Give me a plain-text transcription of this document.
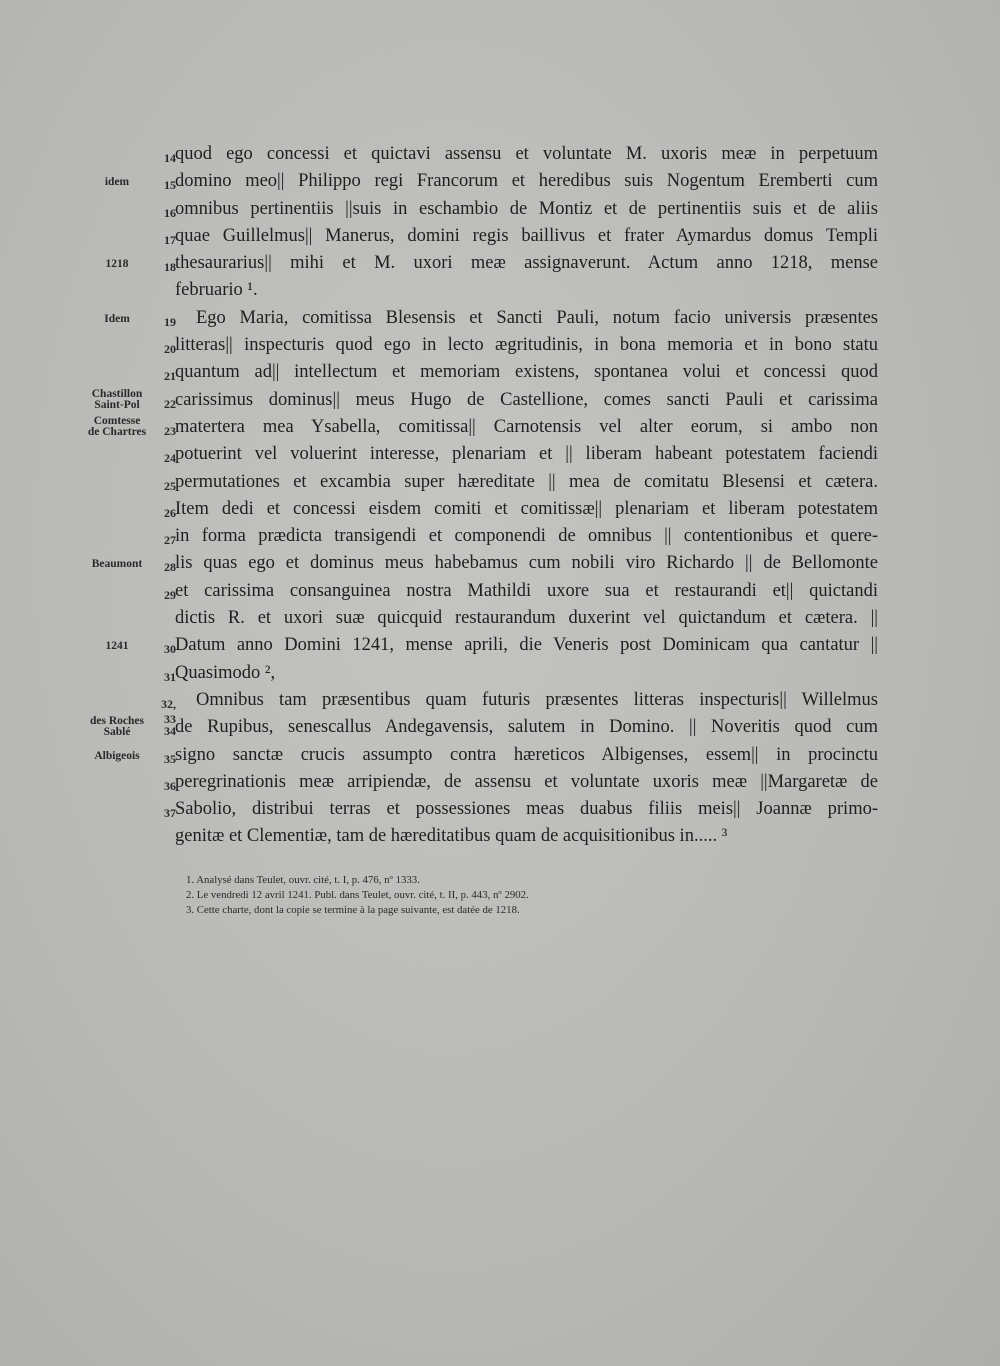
14 quod ego concessi et quictavi assensu et voluntate M. uxoris meæ in perpetuum
idem	15 domino meo|| Philippo regi Francorum et heredibus suis Nogentum Eremberti cum
16 omnibus pertinentiis ||suis in eschambio de Montiz et de pertinentiis suis et de aliis
17 quae Guillelmus|| Manerus, domini regis baillivus et frater Aymardus domus Templi
1218	18 thesaurarius|| mihi et M. uxori meæ assignaverunt. Actum anno 1218, mense
februario ¹.
Idem	19 Ego Maria, comitissa Blesensis et Sancti Pauli, notum facio universis præsentes
20 litteras|| inspecturis quod ego in lecto ægritudinis, in bona memoria et in bono statu
21 quantum ad|| intellectum et memoriam existens, spontanea volui et concessi quod
Chastillon
Saint-Pol	22 carissimus dominus|| meus Hugo de Castellione, comes sancti Pauli et carissima
Comtesse
de Chartres	23 matertera mea Ysabella, comitissa|| Carnotensis vel alter eorum, si ambo non
24 potuerint vel voluerint interesse, plenariam et || liberam habeant potestatem faciendi
25 permutationes et excambia super hæreditate || mea de comitatu Blesensi et cætera.
26 Item dedi et concessi eisdem comiti et comitissæ|| plenariam et liberam potestatem
27 in forma prædicta transigendi et componendi de omnibus || contentionibus et quere-
Beaumont	28 lis quas ego et dominus meus habebamus cum nobili viro Richardo || de Bellomonte
29 et carissima consanguinea nostra Mathildi uxore sua et restaurandi et|| quictandi
dictis R. et uxori suæ quicquid restaurandum duxerint vel quictandum et cætera. ||
1241	30 Datum anno Domini 1241, mense aprili, die Veneris post Dominicam qua cantatur ||
31 Quasimodo ²,
32, 33
Omnibus tam præsentibus quam futuris præsentes litteras inspecturis|| Willelmus
des Roches
Sablé	34 de Rupibus, senescallus Andegavensis, salutem in Domino. || Noveritis quod cum
Albigeois	35 signo sanctæ crucis assumpto contra hæreticos Albigenses, essem|| in procinctu
36 peregrinationis meæ arripiendæ, de assensu et voluntate uxoris meæ ||Margaretæ de
37 Sabolio, distribui terras et possessiones meas duabus filiis meis|| Joannæ primo-
genitæ et Clementiæ, tam de hæreditatibus quam de acquisitionibus in..... ³
1. Analysé dans Teulet, ouvr. cité, t. I, p. 476, nº 1333.
2. Le vendredi 12 avril 1241. Publ. dans Teulet, ouvr. cité, t. II, p. 443, nº 2902.
3. Cette charte, dont la copie se termine à la page suivante, est datée de 1218.
